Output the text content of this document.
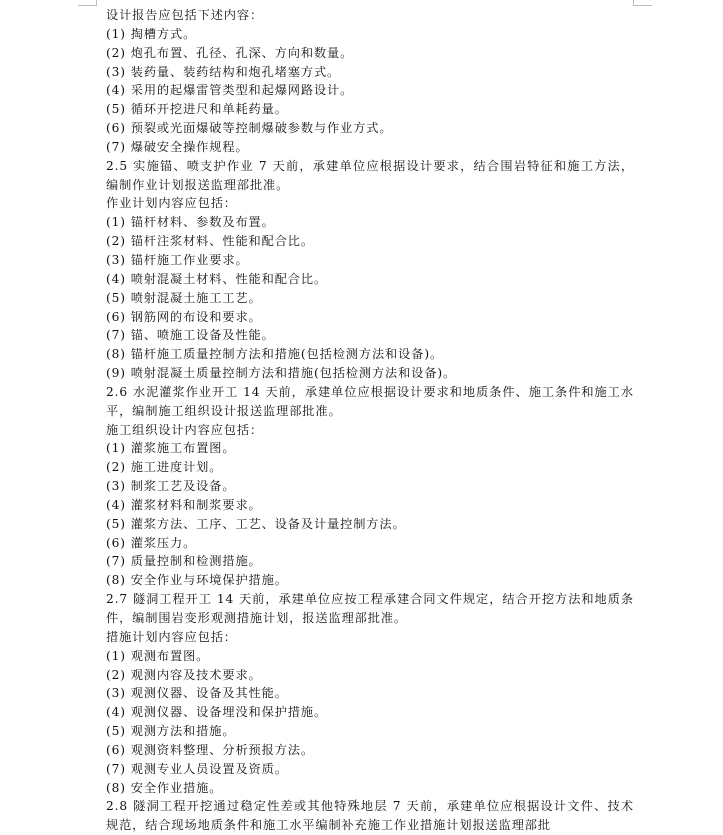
设计报告应包括下述内容：
(1) 掏槽方式。
(2) 炮孔布置、孔径、孔深、方向和数量。
(3) 装药量、装药结构和炮孔堵塞方式。
(4) 采用的起爆雷管类型和起爆网路设计。
(5) 循环开挖进尺和单耗药量。
(6) 预裂或光面爆破等控制爆破参数与作业方式。
(7) 爆破安全操作规程。
2.5 实施锚、喷支护作业 7 天前，承建单位应根据设计要求，结合围岩特征和施工方法，编制作业计划报送监理部批准。
作业计划内容应包括：
(1) 锚杆材料、参数及布置。
(2) 锚杆注浆材料、性能和配合比。
(3) 锚杆施工作业要求。
(4) 喷射混凝土材料、性能和配合比。
(5) 喷射混凝土施工工艺。
(6) 钢筋网的布设和要求。
(7) 锚、喷施工设备及性能。
(8) 锚杆施工质量控制方法和措施(包括检测方法和设备)。
(9) 喷射混凝土质量控制方法和措施(包括检测方法和设备)。
2.6 水泥灌浆作业开工 14 天前，承建单位应根据设计要求和地质条件、施工条件和施工水平，编制施工组织设计报送监理部批准。
施工组织设计内容应包括：
(1) 灌浆施工布置图。
(2) 施工进度计划。
(3) 制浆工艺及设备。
(4) 灌浆材料和制浆要求。
(5) 灌浆方法、工序、工艺、设备及计量控制方法。
(6) 灌浆压力。
(7) 质量控制和检测措施。
(8) 安全作业与环境保护措施。
2.7 隧洞工程开工 14 天前，承建单位应按工程承建合同文件规定，结合开挖方法和地质条件，编制围岩变形观测措施计划，报送监理部批准。
措施计划内容应包括：
(1) 观测布置图。
(2) 观测内容及技术要求。
(3) 观测仪器、设备及其性能。
(4) 观测仪器、设备埋没和保护措施。
(5) 观测方法和措施。
(6) 观测资料整理、分析预报方法。
(7) 观测专业人员设置及资质。
(8) 安全作业措施。
2.8 隧洞工程开挖通过稳定性差或其他特殊地层 7 天前，承建单位应根据设计文件、技术规范，结合现场地质条件和施工水平编制补充施工作业措施计划报送监理部批
